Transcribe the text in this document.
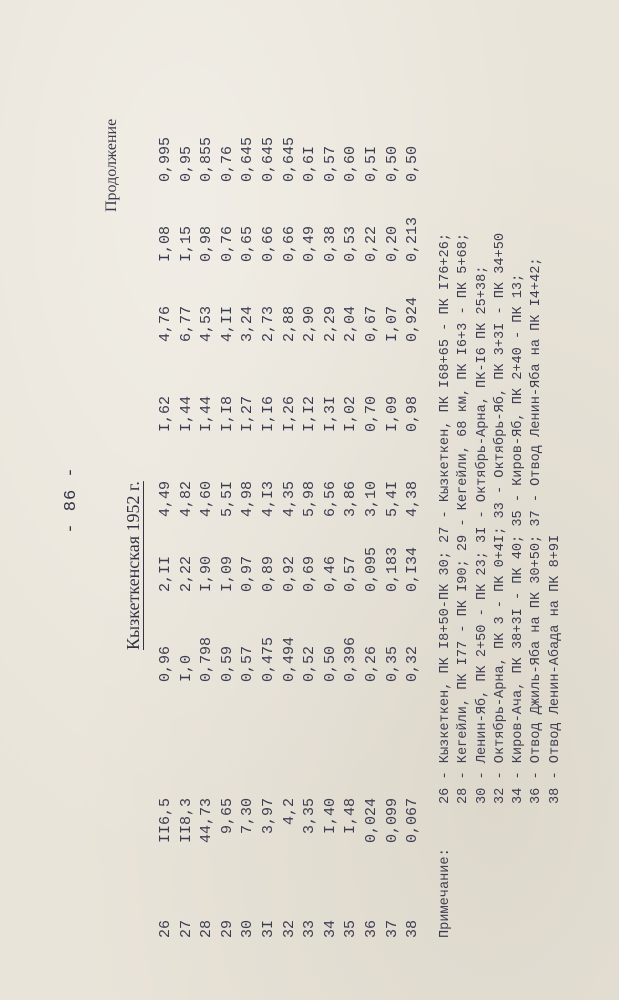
- 86 -
Продолжение
Кызкеткенская 1952 г.
26
II6,5
0,96
2,II
4,49
I,62
4,76
I,08
0,995
27
II8,3
I,0
2,22
4,82
I,44
6,77
I,15
0,95
28
44,73
0,798
I,90
4,60
I,44
4,53
0,98
0,855
29
9,65
0,59
I,09
5,5I
I,I8
4,II
0,76
0,76
30
7,30
0,57
0,97
4,98
I,27
3,24
0,65
0,645
3I
3,97
0,475
0,89
4,I3
I,I6
2,73
0,66
0,645
32
4,2
0,494
0,92
4,35
I,26
2,88
0,66
0,645
33
3,35
0,52
0,69
5,98
I,I2
2,90
0,49
0,6I
34
I,40
0,50
0,46
6,56
I,3I
2,29
0,38
0,57
35
I,48
0,396
0,57
3,86
I,02
2,04
0,53
0,60
36
0,024
0,26
0,095
3,10
0,70
0,67
0,22
0,5I
37
0,099
0,35
0,183
5,4I
I,09
I,07
0,20
0,50
38
0,067
0,32
0,I34
4,38
0,98
0,924
0,213
0,50
Примечание:26 - Кызкеткен, ПК I8+50-ПК 30; 27 - Кызкеткен, ПК I68+65 - ПК I76+26; 28 - Кегейли, ПК I77 - ПК I90; 29 - Кегейли, 68 км, ПК I6+3 - ПК 5+68; 30 - Ленин-Яб, ПК 2+50 - ПК 23; 3I - Октябрь-Арна, ПК-I6 ПК 25+38; 32 - Октябрь-Арна, ПК 3 - ПК 0+4I; 33 - Октябрь-Яб, ПК 3+3I - ПК 34+50 34 - Киров-Ача, ПК 38+3I - ПК 40; 35 - Киров-Яб, ПК 2+40 - ПК 13; 36 - Отвод Джиль-Яба на ПК 30+50; 37 - Отвод Ленин-Яба на ПК I4+42; 38 - Отвод Ленин-Абада на ПК 8+9I
